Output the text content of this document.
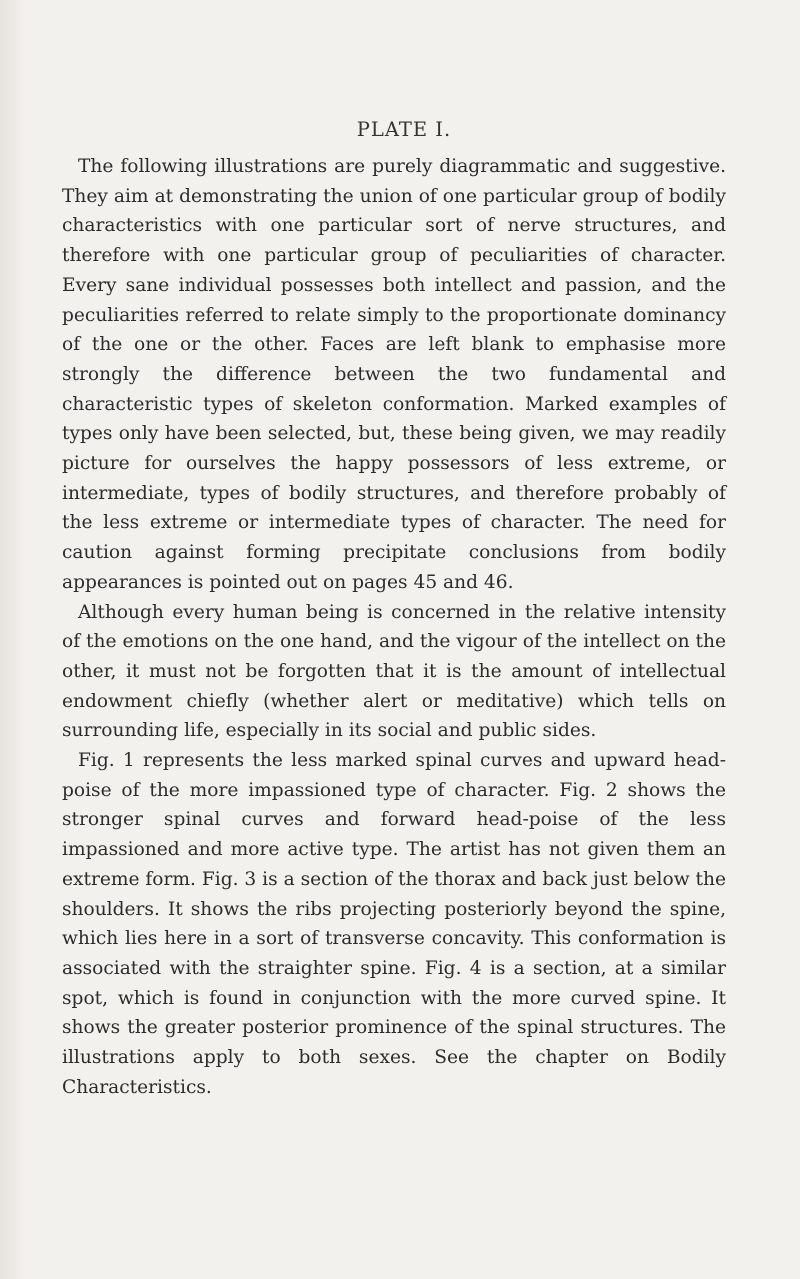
PLATE I.

The following illustrations are purely diagrammatic and suggestive. They aim at demonstrating the union of one particular group of bodily characteristics with one particular sort of nerve structures, and therefore with one particular group of peculiarities of character. Every sane individual possesses both intellect and passion, and the peculiarities referred to relate simply to the proportionate dominancy of the one or the other. Faces are left blank to emphasise more strongly the difference between the two fundamental and characteristic types of skeleton conformation. Marked examples of types only have been selected, but, these being given, we may readily picture for ourselves the happy possessors of less extreme, or intermediate, types of bodily structures, and therefore probably of the less extreme or intermediate types of character. The need for caution against forming precipitate conclusions from bodily appearances is pointed out on pages 45 and 46.

Although every human being is concerned in the relative intensity of the emotions on the one hand, and the vigour of the intellect on the other, it must not be forgotten that it is the amount of intellectual endowment chiefly (whether alert or meditative) which tells on surrounding life, especially in its social and public sides.

Fig. 1 represents the less marked spinal curves and upward head-poise of the more impassioned type of character. Fig. 2 shows the stronger spinal curves and forward head-poise of the less impassioned and more active type. The artist has not given them an extreme form. Fig. 3 is a section of the thorax and back just below the shoulders. It shows the ribs projecting posteriorly beyond the spine, which lies here in a sort of transverse concavity. This conformation is associated with the straighter spine. Fig. 4 is a section, at a similar spot, which is found in conjunction with the more curved spine. It shows the greater posterior prominence of the spinal structures. The illustrations apply to both sexes. See the chapter on Bodily Characteristics.
